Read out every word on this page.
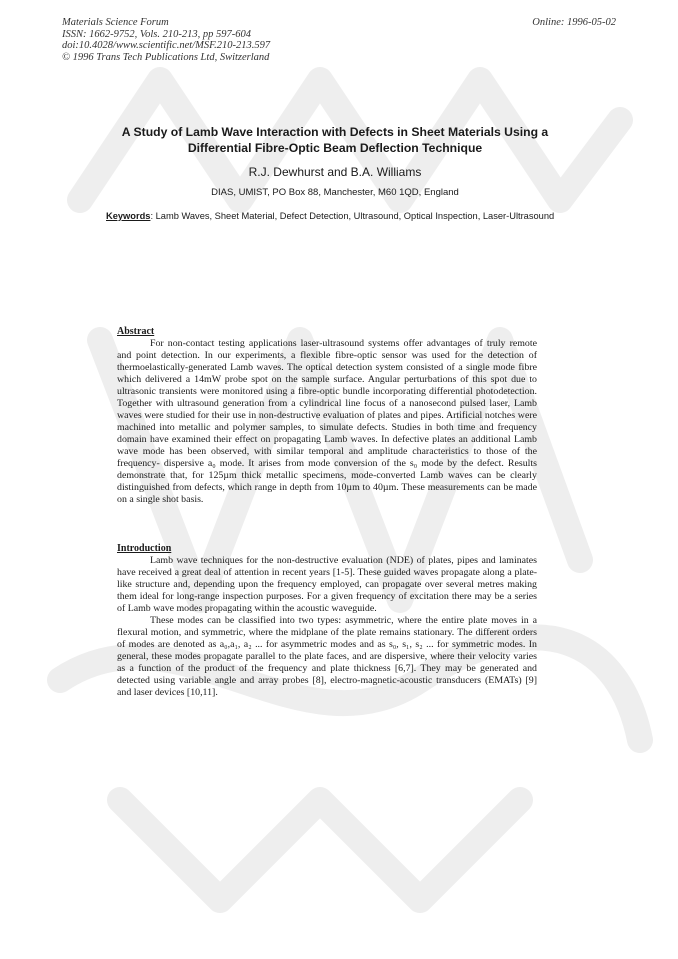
Materials Science Forum
ISSN: 1662-9752, Vols. 210-213, pp 597-604
doi:10.4028/www.scientific.net/MSF.210-213.597
© 1996 Trans Tech Publications Ltd, Switzerland
Online: 1996-05-02
A Study of Lamb Wave Interaction with Defects in Sheet Materials Using a Differential Fibre-Optic Beam Deflection Technique
R.J. Dewhurst and B.A. Williams
DIAS, UMIST, PO Box 88, Manchester, M60 1QD, England
Keywords: Lamb Waves, Sheet Material, Defect Detection, Ultrasound, Optical Inspection, Laser-Ultrasound
Abstract

For non-contact testing applications laser-ultrasound systems offer advantages of truly remote and point detection. In our experiments, a flexible fibre-optic sensor was used for the detection of thermoelastically-generated Lamb waves. The optical detection system consisted of a single mode fibre which delivered a 14mW probe spot on the sample surface. Angular perturbations of this spot due to ultrasonic transients were monitored using a fibre-optic bundle incorporating differential photodetection. Together with ultrasound generation from a cylindrical line focus of a nanosecond pulsed laser, Lamb waves were studied for their use in non-destructive evaluation of plates and pipes. Artificial notches were machined into metallic and polymer samples, to simulate defects. Studies in both time and frequency domain have examined their effect on propagating Lamb waves. In defective plates an additional Lamb wave mode has been observed, with similar temporal and amplitude characteristics to those of the frequency- dispersive a₀ mode. It arises from mode conversion of the s₀ mode by the defect. Results demonstrate that, for 125µm thick metallic specimens, mode-converted Lamb waves can be clearly distinguished from defects, which range in depth from 10µm to 40µm. These measurements can be made on a single shot basis.

Introduction

Lamb wave techniques for the non-destructive evaluation (NDE) of plates, pipes and laminates have received a great deal of attention in recent years [1-5]. These guided waves propagate along a plate-like structure and, depending upon the frequency employed, can propagate over several metres making them ideal for long-range inspection purposes. For a given frequency of excitation there may be a series of Lamb wave modes propagating within the acoustic waveguide.

These modes can be classified into two types: asymmetric, where the entire plate moves in a flexural motion, and symmetric, where the midplane of the plate remains stationary. The different orders of modes are denoted as a₀,a₁, a₂ ... for asymmetric modes and as s₀, s₁, s₂ ... for symmetric modes. In general, these modes propagate parallel to the plate faces, and are dispersive, where their velocity varies as a function of the product of the frequency and plate thickness [6,7]. They may be generated and detected using variable angle and array probes [8], electro-magnetic-acoustic transducers (EMATs) [9] and laser devices [10,11].
